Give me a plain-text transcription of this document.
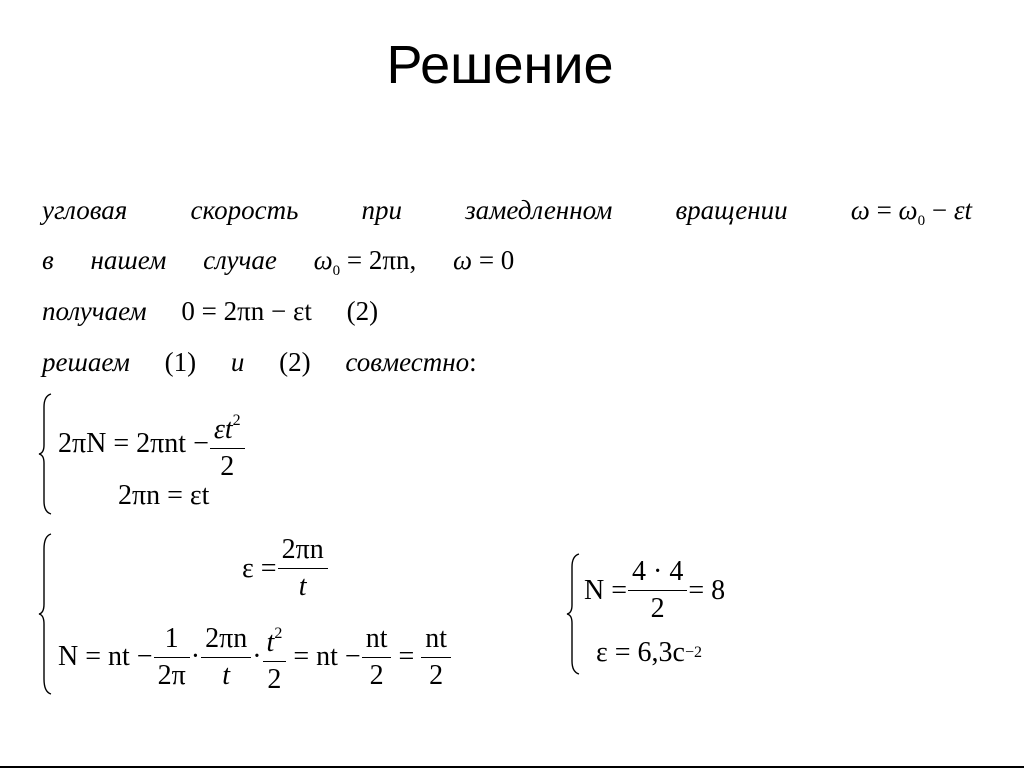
Решение
угловая скорость при замедленном вращении $\omega = \omega_0 - \varepsilon t$
в нашем случае $\omega_0 = 2\pi n$, ω = 0
получаем 0 = 2πn − εt (2)
решаем (1) и (2) совместно:
$2\pi N = 2\pi nt - \frac{\varepsilon t^2}{2}$
2πn = εt
$\varepsilon = \frac{2\pi n}{t}$
N = nt − $\frac{1}{2\pi} \cdot \frac{2\pi n}{t} \cdot \frac{t^2}{2}$ = nt − $\frac{nt}{2} = \frac{nt}{2}$
$N = \frac{4 \cdot 4}{2} = 8$
ε = 6,3c −2
